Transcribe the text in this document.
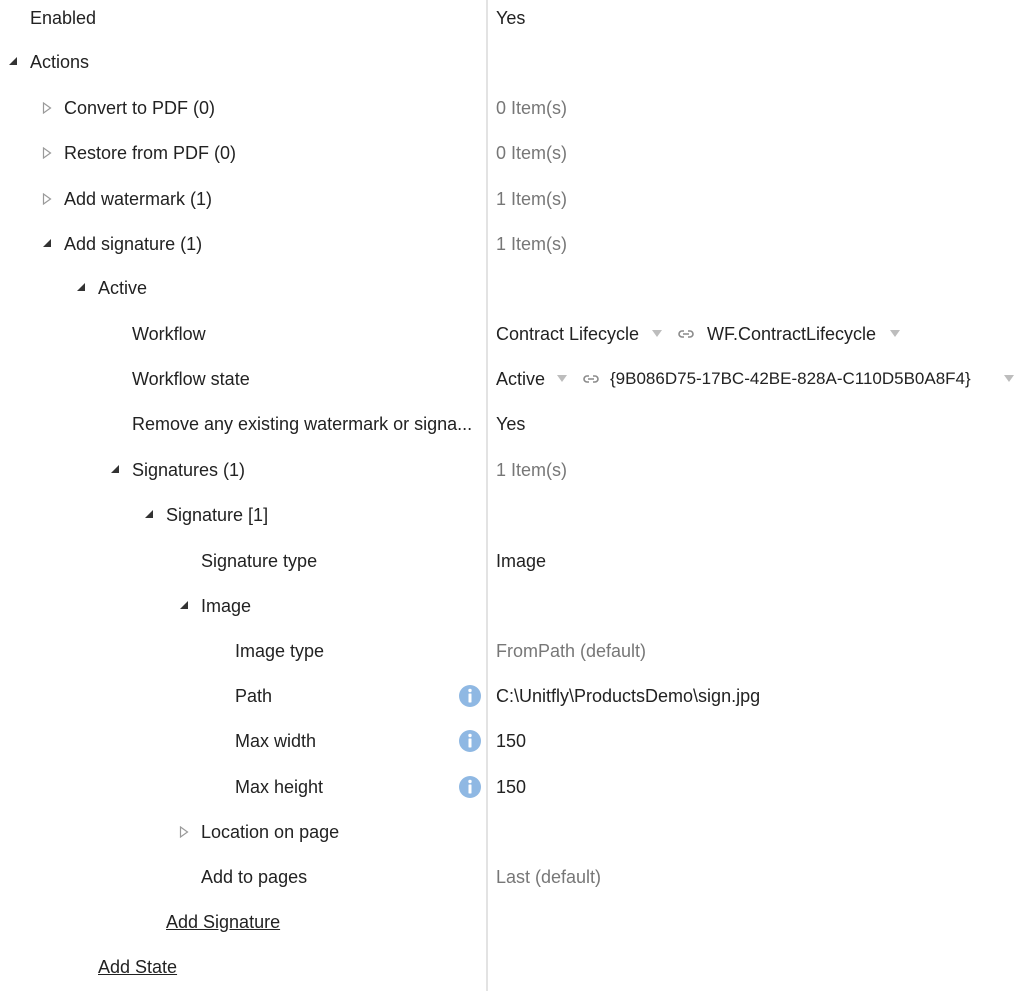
Enabled	Yes
Actions
Convert to PDF (0)	0 Item(s)
Restore from PDF (0)	0 Item(s)
Add watermark (1)	1 Item(s)
Add signature (1)	1 Item(s)
Active
Workflow	Contract Lifecycle	WF.ContractLifecycle
Workflow state	Active	{9B086D75-17BC-42BE-828A-C110D5B0A8F4}
Remove any existing watermark or signa...	Yes
Signatures (1)	1 Item(s)
Signature [1]
Signature type	Image
Image
Image type	FromPath (default)
Path	C:\Unitfly\ProductsDemo\sign.jpg
Max width	150
Max height	150
Location on page
Add to pages	Last (default)
Add Signature
Add State
